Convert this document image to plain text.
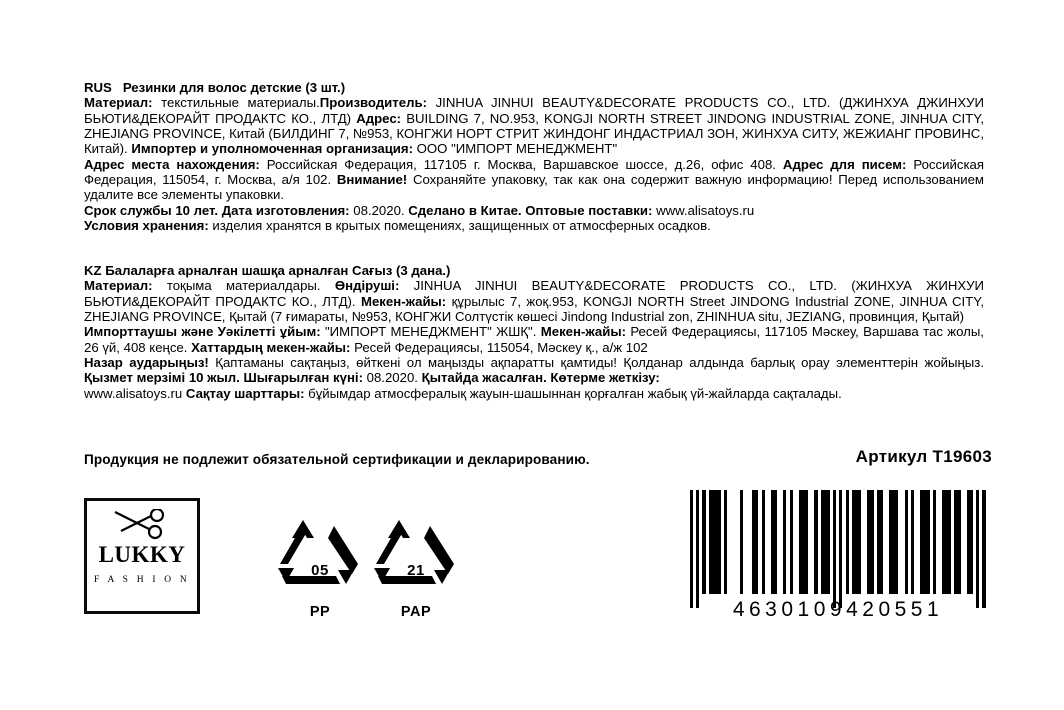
RUS Резинки для волос детские (3 шт.)
Материал: текстильные материалы.Производитель: JINHUA JINHUI BEAUTY&DECORATE PRODUCTS CO., LTD. (ДЖИНХУА ДЖИНХУИ БЬЮТИ&ДЕКОРАЙТ ПРОДАКТС КО., ЛТД) Адрес: BUILDING 7, NO.953, KONGJI NORTH STREET JINDONG INDUSTRIAL ZONE, JINHUA CITY, ZHEJIANG PROVINCE, Китай (БИЛДИНГ 7, №953, КОНГЖИ НОРТ СТРИТ ЖИНДОНГ ИНДАСТРИАЛ ЗОН, ЖИНХУА СИТУ, ЖЕЖИАНГ ПРОВИНС, Китай). Импортер и уполномоченная организация: ООО "ИМПОРТ МЕНЕДЖМЕНТ"
Адрес места нахождения: Российская Федерация, 117105 г. Москва, Варшавское шоссе, д.26, офис 408. Адрес для писем: Российская Федерация, 115054, г. Москва, а/я 102. Внимание! Сохраняйте упаковку, так как она содержит важную информацию! Перед использованием удалите все элементы упаковки.
Срок службы 10 лет. Дата изготовления: 08.2020. Сделано в Китае. Оптовые поставки: www.alisatoys.ru
Условия хранения: изделия хранятся в крытых помещениях, защищенных от атмосферных осадков.
KZ Балаларға арналған шашқа арналған Сағыз (3 дана.)
Материал: тоқыма материалдары. Өндіруші: JINHUA JINHUI BEAUTY&DECORATE PRODUCTS CO., LTD. (ЖИНХУА ЖИНХУИ БЬЮТИ&ДЕКОРАЙТ ПРОДАКТС КО., ЛТД). Мекен-жайы: құрылыс 7, жоқ.953, KONGJI NORTH Street JINDONG Industrial ZONE, JINHUA CITY, ZHEJIANG PROVINCE, Қытай (7 ғимараты, №953, КОНГЖИ Солтүстік көшесі Jindong Industrial zon, ZHINHUA situ, JEZIANG, провинция, Қытай)
Импорттаушы және Уәкілетті ұйым: "ИМПОРТ МЕНЕДЖМЕНТ" ЖШҚ". Мекен-жайы: Ресей Федерациясы, 117105 Мәскеу, Варшава тас жолы, 26 үй, 408 кеңсе. Хаттардың мекен-жайы: Ресей Федерациясы, 115054, Мәскеу қ., а/ж 102
Назар аударыңыз! Қаптаманы сақтаңыз, өйткені ол маңызды ақпаратты қамтиды! Қолданар алдында барлық орау элементтерін жойыңыз. Қызмет мерзімі 10 жыл. Шығарылған күні: 08.2020. Қытайда жасалған. Көтерме жеткізу:
www.alisatoys.ru Сақтау шарттары: бұйымдар атмосфералық жауын-шашыннан қорғалған жабық үй-жайларда сақталады.
Продукция не подлежит обязательной сертификации и декларированию.	Артикул Т19603
LUKKY
F A S H I O N
05
PP
21
PAP	4630109420551
